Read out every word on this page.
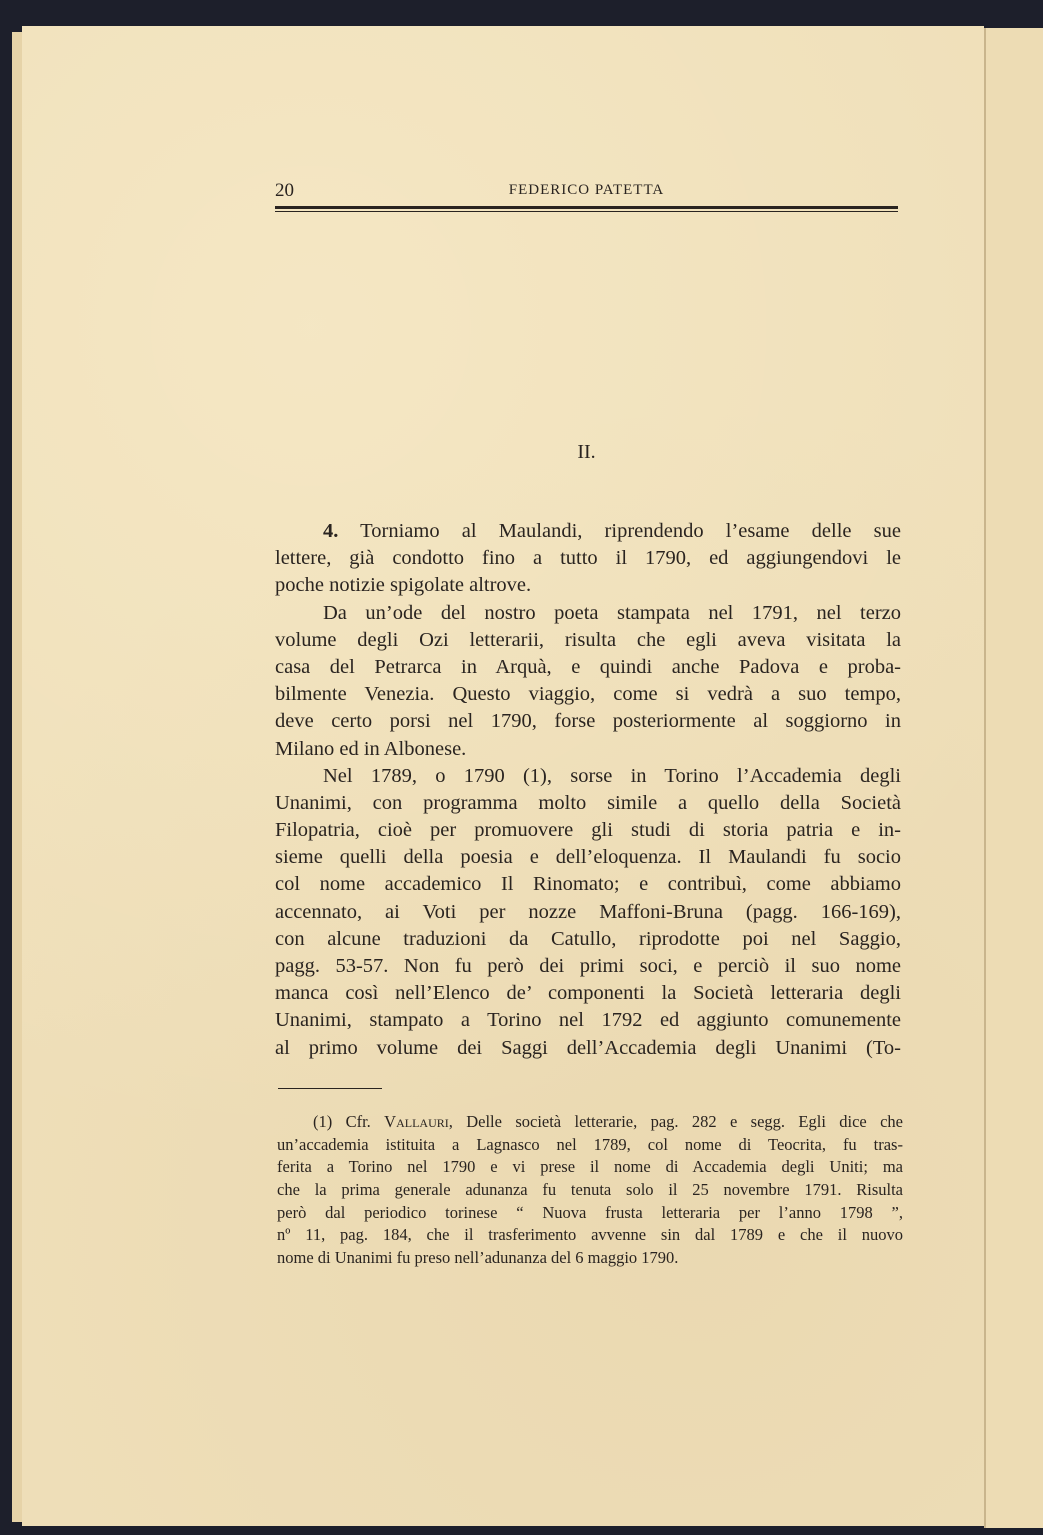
20	FEDERICO PATETTA
II.
4. Torniamo al Maulandi, riprendendo l’esame delle sue
lettere, già condotto fino a tutto il 1790, ed aggiungendovi le
poche notizie spigolate altrove.
Da un’ode del nostro poeta stampata nel 1791, nel terzo
volume degli Ozi letterarii, risulta che egli aveva visitata la
casa del Petrarca in Arquà, e quindi anche Padova e proba-
bilmente Venezia. Questo viaggio, come si vedrà a suo tempo,
deve certo porsi nel 1790, forse posteriormente al soggiorno in
Milano ed in Albonese.
Nel 1789, o 1790 (1), sorse in Torino l’Accademia degli
Unanimi, con programma molto simile a quello della Società
Filopatria, cioè per promuovere gli studi di storia patria e in-
sieme quelli della poesia e dell’eloquenza. Il Maulandi fu socio
col nome accademico Il Rinomato; e contribuì, come abbiamo
accennato, ai Voti per nozze Maffoni-Bruna (pagg. 166-169),
con alcune traduzioni da Catullo, riprodotte poi nel Saggio,
pagg. 53-57. Non fu però dei primi soci, e perciò il suo nome
manca così nell’Elenco de’ componenti la Società letteraria degli
Unanimi, stampato a Torino nel 1792 ed aggiunto comunemente
al primo volume dei Saggi dell’Accademia degli Unanimi (To-
(1) Cfr. Vallauri, Delle società letterarie, pag. 282 e segg. Egli dice che
un’accademia istituita a Lagnasco nel 1789, col nome di Teocrita, fu tras-
ferita a Torino nel 1790 e vi prese il nome di Accademia degli Uniti; ma
che la prima generale adunanza fu tenuta solo il 25 novembre 1791. Risulta
però dal periodico torinese “ Nuova frusta letteraria per l’anno 1798 ”,
nº 11, pag. 184, che il trasferimento avvenne sin dal 1789 e che il nuovo
nome di Unanimi fu preso nell’adunanza del 6 maggio 1790.
